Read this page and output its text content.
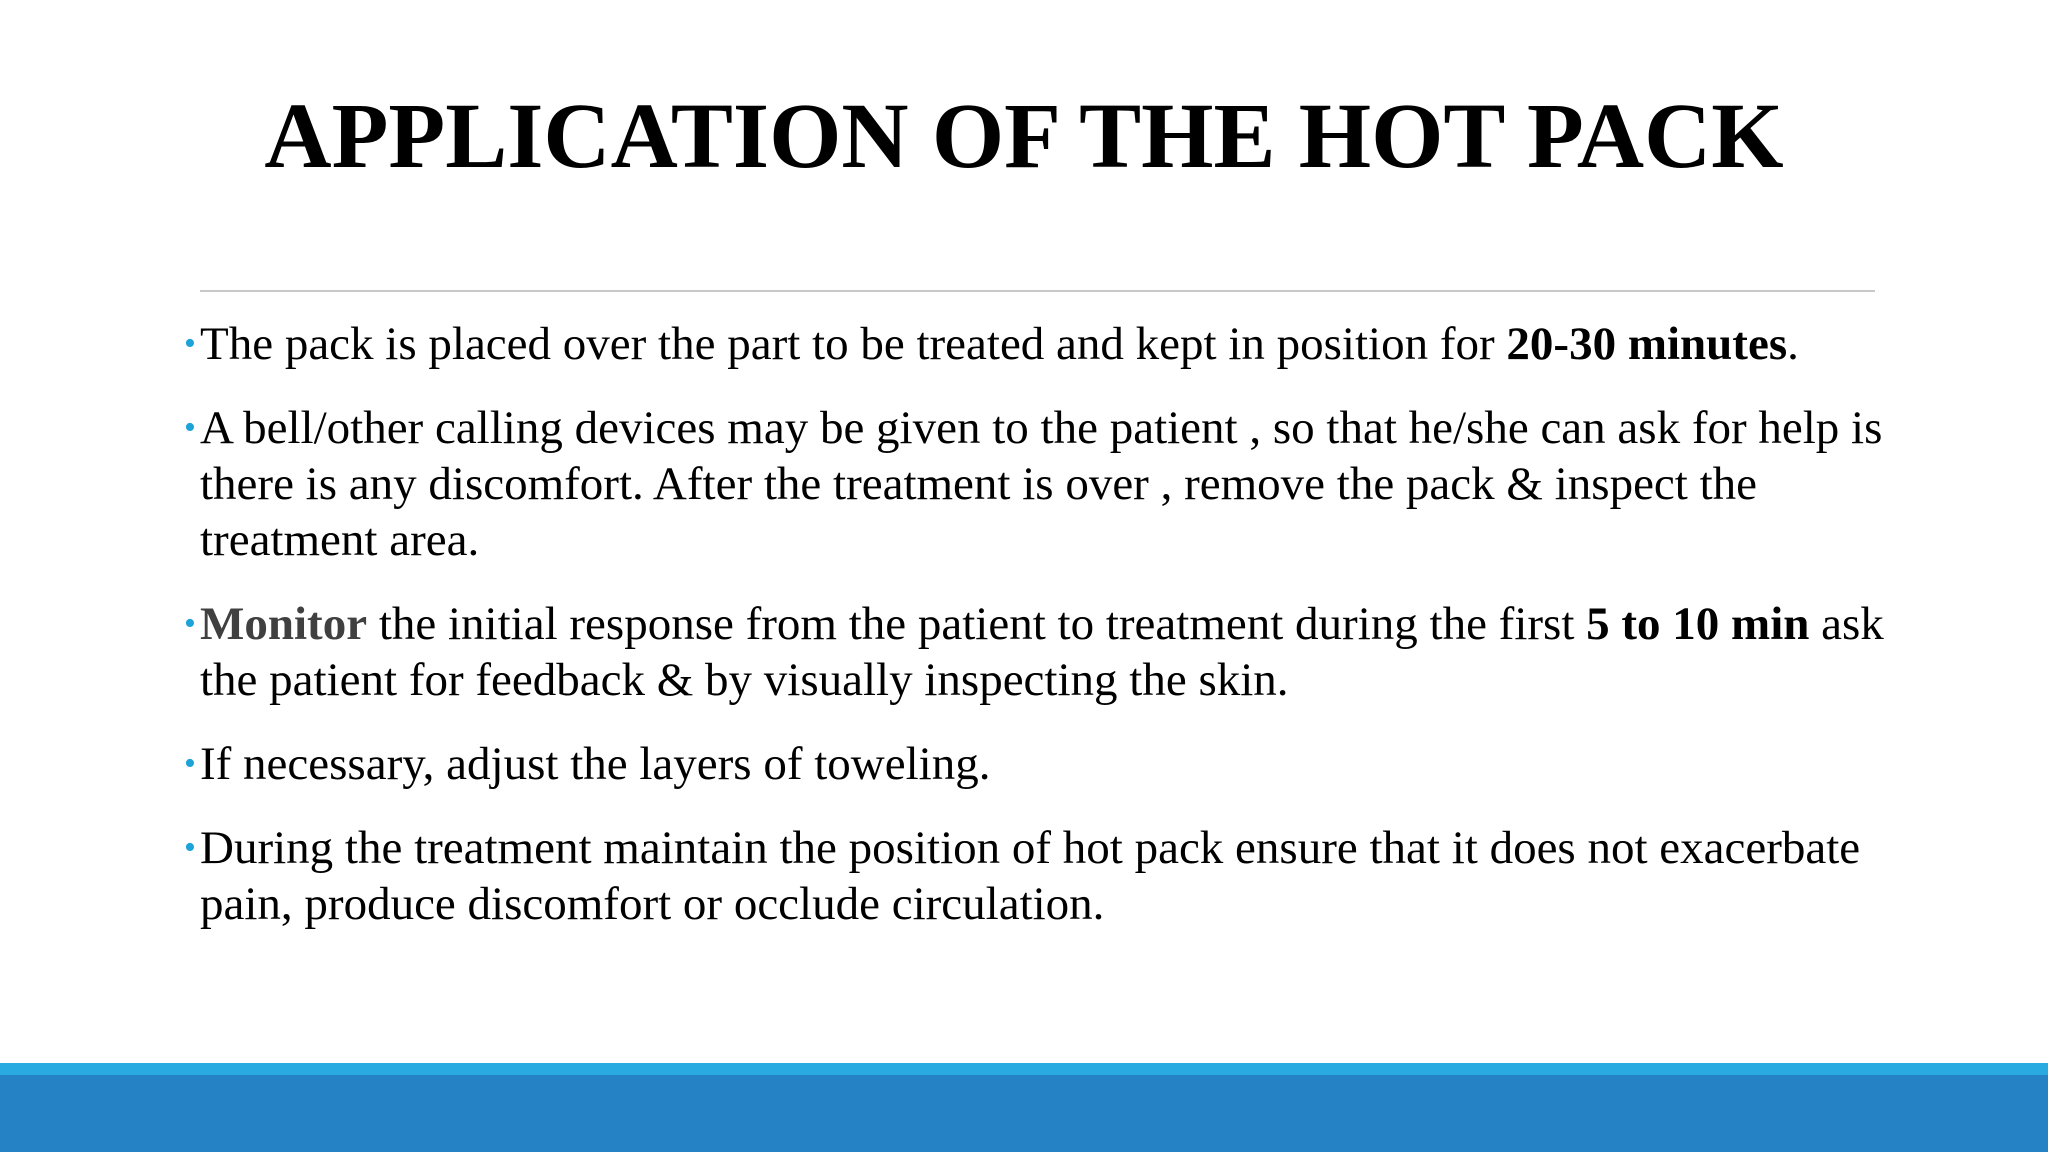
APPLICATION OF THE HOT PACK
• The pack is placed over the part to be treated and kept in position for 20-30 minutes.
• A bell/other calling devices may be given to the patient , so that he/she can ask for help is there is any discomfort. After the treatment is over , remove the pack & inspect the treatment area.
• Monitor the initial response from the patient to treatment during the first 5 to 10 min ask the patient for feedback & by visually inspecting the skin.
• If necessary, adjust the layers of toweling.
• During the treatment maintain the position of hot pack ensure that it does not exacerbate pain, produce discomfort or occlude circulation.
